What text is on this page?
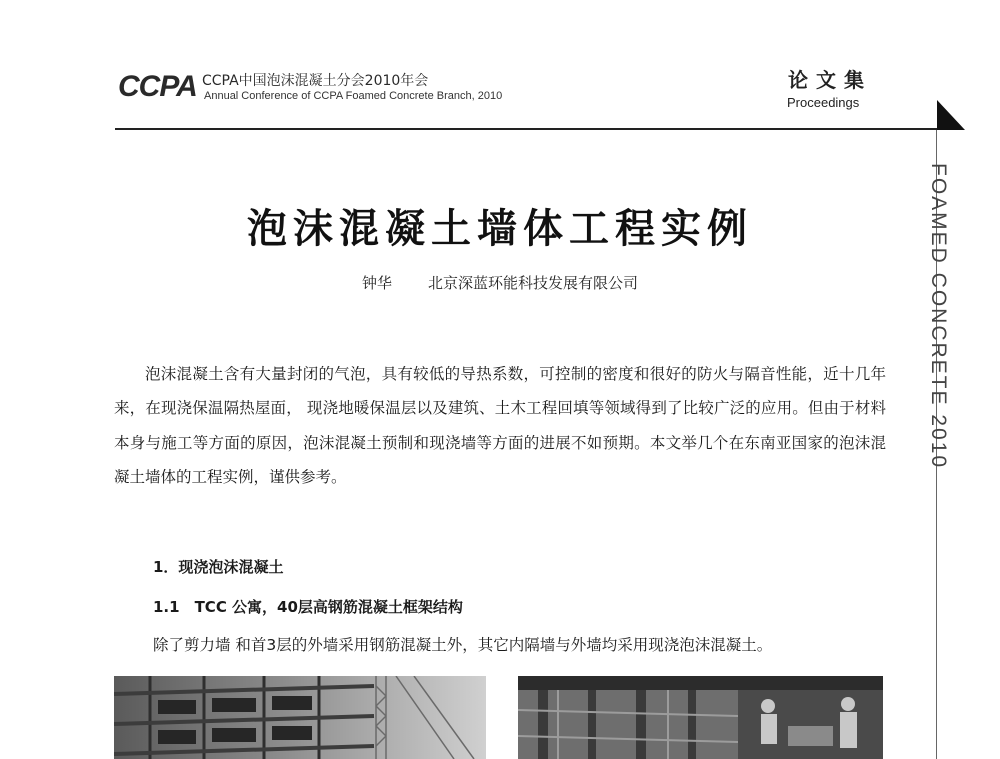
CCPA CCPA中国泡沫混凝土分会2010年会
Annual Conference of CCPA Foamed Concrete Branch, 2010
论文集
Proceedings
FOAMED CONCRETE 2010
泡沫混凝土墙体工程实例
钟华 北京深蓝环能科技发展有限公司

泡沫混凝土含有大量封闭的气泡，具有较低的导热系数，可控制的密度和很好的防火与隔音性能，近十几年来，在现浇保温隔热屋面， 现浇地暖保温层以及建筑、土木工程回填等领域得到了比较广泛的应用。但由于材料本身与施工等方面的原因，泡沫混凝土预制和现浇墙等方面的进展不如预期。本文举几个在东南亚国家的泡沫混凝土墙体的工程实例，谨供参考。

1．现浇泡沫混凝土
1.1　TCC 公寓，40层高钢筋混凝土框架结构
除了剪力墙 和首3层的外墙采用钢筋混凝土外，其它内隔墙与外墙均采用现浇泡沫混凝土。
